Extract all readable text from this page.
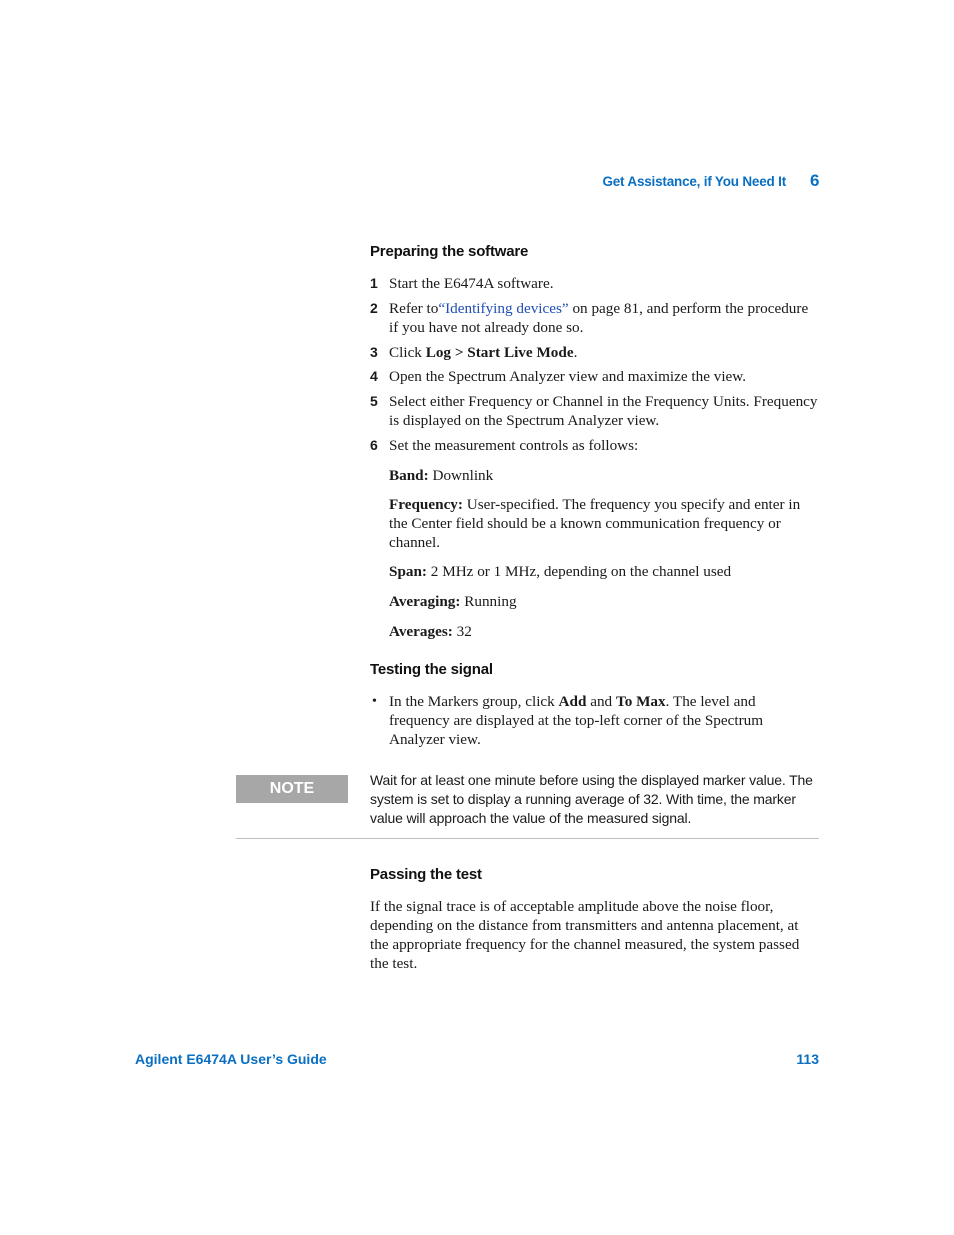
Get Assistance, if You Need It 6
Preparing the software
1 Start the E6474A software.
2 Refer to“Identifying devices” on page 81, and perform the procedure if you have not already done so.
3 Click Log > Start Live Mode.
4 Open the Spectrum Analyzer view and maximize the view.
5 Select either Frequency or Channel in the Frequency Units. Frequency is displayed on the Spectrum Analyzer view.
6 Set the measurement controls as follows:
Band: Downlink
Frequency: User-specified. The frequency you specify and enter in the Center field should be a known communication frequency or channel.
Span: 2 MHz or 1 MHz, depending on the channel used
Averaging: Running
Averages: 32
Testing the signal
• In the Markers group, click Add and To Max. The level and frequency are displayed at the top-left corner of the Spectrum Analyzer view.
NOTE	Wait for at least one minute before using the displayed marker value. The system is set to display a running average of 32. With time, the marker value will approach the value of the measured signal.
Passing the test
If the signal trace is of acceptable amplitude above the noise floor, depending on the distance from transmitters and antenna placement, at the appropriate frequency for the channel measured, the system passed the test.
Agilent E6474A User’s Guide	113
